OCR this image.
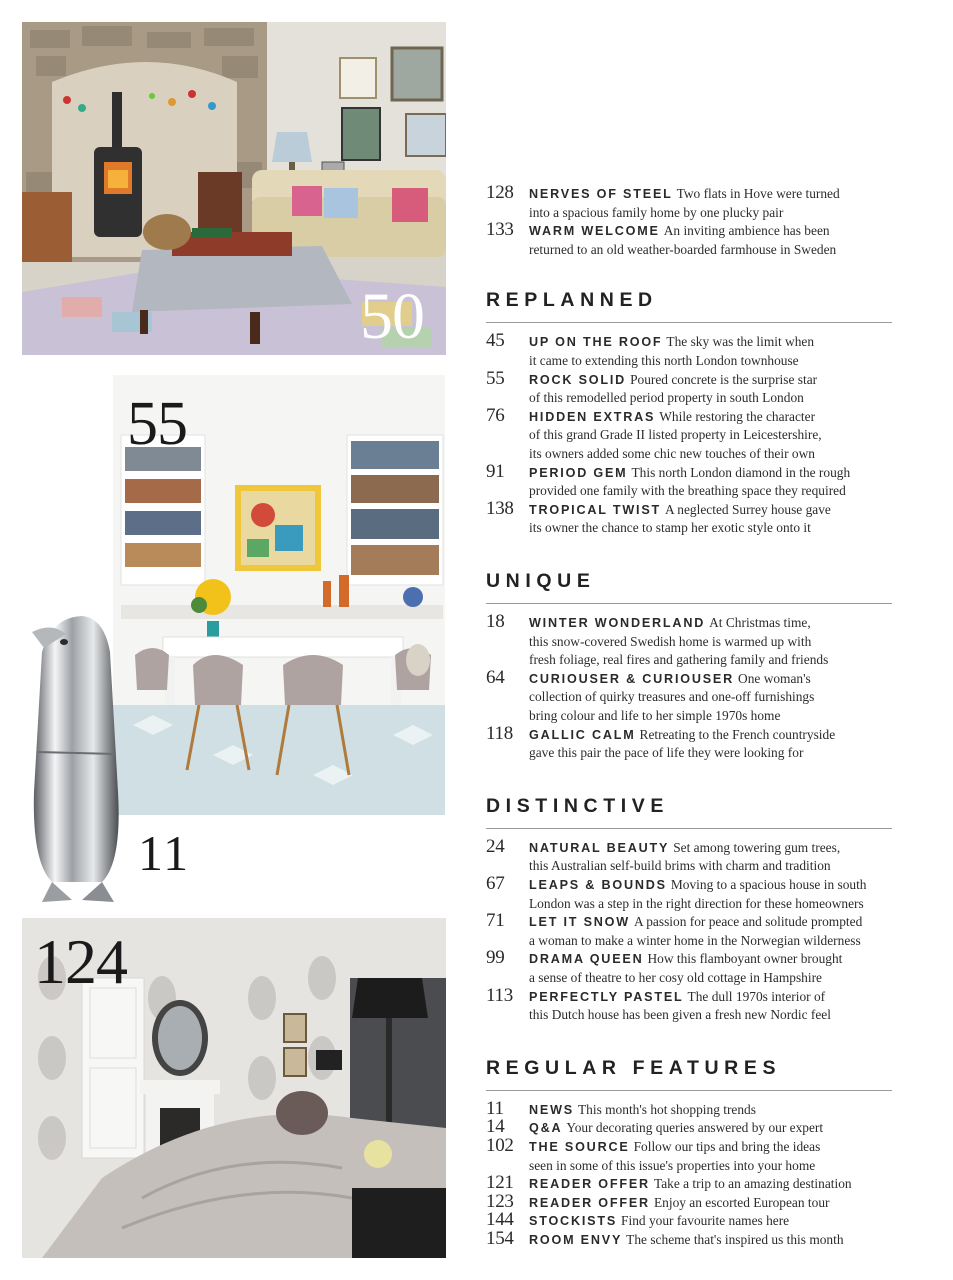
50
55
11
124
128 NERVES OF STEEL Two flats in Hove were turned
into a spacious family home by one plucky pair
133 WARM WELCOME An inviting ambience has been
returned to an old weather-boarded farmhouse in Sweden
REPLANNED
45 UP ON THE ROOF The sky was the limit when
it came to extending this north London townhouse
55 ROCK SOLID Poured concrete is the surprise star
of this remodelled period property in south London
76 HIDDEN EXTRAS While restoring the character
of this grand Grade II listed property in Leicestershire,
its owners added some chic new touches of their own
91 PERIOD GEM This north London diamond in the rough
provided one family with the breathing space they required
138 TROPICAL TWIST A neglected Surrey house gave
its owner the chance to stamp her exotic style onto it
UNIQUE
18 WINTER WONDERLAND At Christmas time,
this snow-covered Swedish home is warmed up with
fresh foliage, real fires and gathering family and friends
64 CURIOUSER & CURIOUSER One woman's
collection of quirky treasures and one-off furnishings
bring colour and life to her simple 1970s home
118 GALLIC CALM Retreating to the French countryside
gave this pair the pace of life they were looking for
DISTINCTIVE
24 NATURAL BEAUTY Set among towering gum trees,
this Australian self-build brims with charm and tradition
67 LEAPS & BOUNDS Moving to a spacious house in south
London was a step in the right direction for these homeowners
71 LET IT SNOW A passion for peace and solitude prompted
a woman to make a winter home in the Norwegian wilderness
99 DRAMA QUEEN How this flamboyant owner brought
a sense of theatre to her cosy old cottage in Hampshire
113 PERFECTLY PASTEL The dull 1970s interior of
this Dutch house has been given a fresh new Nordic feel
REGULAR FEATURES
11 NEWS This month's hot shopping trends
14 Q&A Your decorating queries answered by our expert
102 THE SOURCE Follow our tips and bring the ideas
seen in some of this issue's properties into your home
121 READER OFFER Take a trip to an amazing destination
123 READER OFFER Enjoy an escorted European tour
144 STOCKISTS Find your favourite names here
154 ROOM ENVY The scheme that's inspired us this month
